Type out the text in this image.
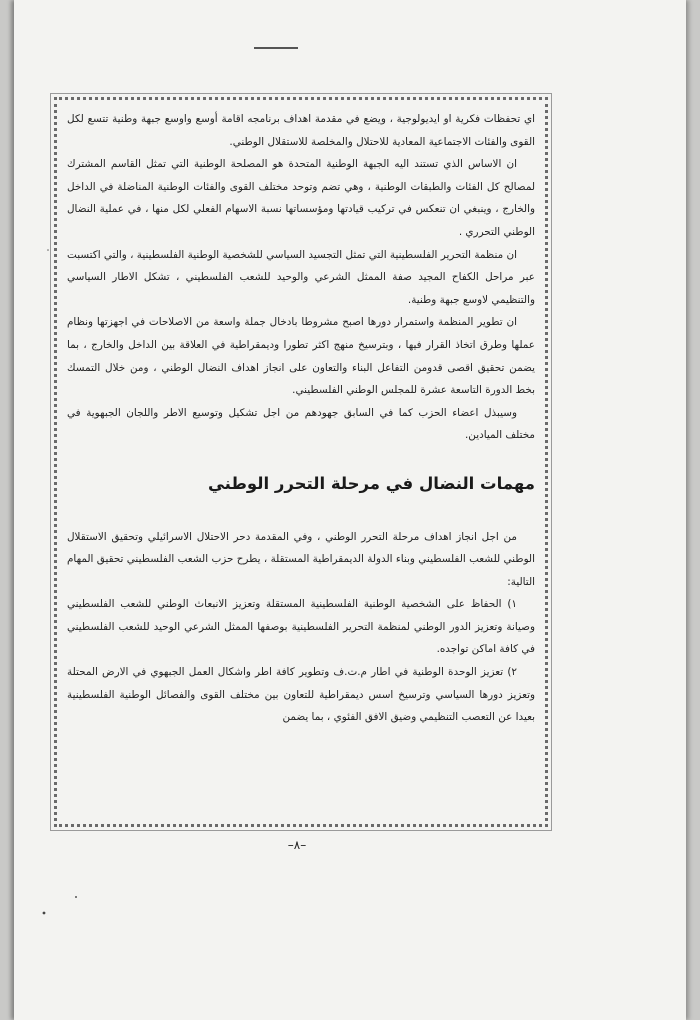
اي تحفظات فكرية او ايديولوجية ، ويضع في مقدمة اهداف برنامجه اقامة أوسع واوسع جبهة وطنية تتسع لكل القوى والفئات الاجتماعية المعادية للاحتلال والمخلصة للاستقلال الوطني.

ان الاساس الذي تستند اليه الجبهة الوطنية المتحدة هو المصلحة الوطنية التي تمثل القاسم المشترك لمصالح كل الفئات والطبقات الوطنية ، وهي تضم وتوحد مختلف القوى والفئات الوطنية المناضلة في الداخل والخارج ، وينبغي ان تنعكس في تركيب قيادتها ومؤسساتها نسبة الاسهام الفعلي لكل منها ، في عملية النضال الوطني التحرري .

ان منظمة التحرير الفلسطينية التي تمثل التجسيد السياسي للشخصية الوطنية الفلسطينية ، والتي اكتسبت عبر مراحل الكفاح المجيد صفة الممثل الشرعي والوحيد للشعب الفلسطيني ، تشكل الاطار السياسي والتنظيمي لاوسع جبهة وطنية.

ان تطوير المنظمة واستمرار دورها اصبح مشروطا بادخال جملة واسعة من الاصلاحات في اجهزتها ونظام عملها وطرق اتخاذ القرار فيها ، وبترسيخ منهج اكثر تطورا وديمقراطية في العلاقة بين الداخل والخارج ، بما يضمن تحقيق اقصى قدومن التفاعل البناء والتعاون على انجاز اهداف النضال الوطني ، ومن خلال التمسك بخط الدورة التاسعة عشرة للمجلس الوطني الفلسطيني.

وسيبذل اعضاء الحزب كما في السابق جهودهم من اجل تشكيل وتوسيع الاطر واللجان الجبهوية في مختلف الميادين.

مهمات النضال في مرحلة التحرر الوطني

من اجل انجاز اهداف مرحلة التحرر الوطني ، وفي المقدمة دحر الاحتلال الاسرائيلي وتحقيق الاستقلال الوطني للشعب الفلسطيني وبناء الدولة الديمقراطية المستقلة ، يطرح حزب الشعب الفلسطيني تحقيق المهام التالية:

١) الحفاظ على الشخصية الوطنية الفلسطينية المستقلة وتعزيز الانبعاث الوطني للشعب الفلسطيني وصيانة وتعزيز الدور الوطني لمنظمة التحرير الفلسطينية بوصفها الممثل الشرعي الوحيد للشعب الفلسطيني في كافة اماكن تواجده.

٢) تعزيز الوحدة الوطنية في اطار م.ت.ف وتطوير كافة اطر واشكال العمل الجبهوي في الارض المحتلة وتعزيز دورها السياسي وترسيخ اسس ديمقراطية للتعاون بين مختلف القوى والفصائل الوطنية الفلسطينية بعيدا عن التعصب التنظيمي وضيق الافق الفئوي ، بما يضمن

–٨–
